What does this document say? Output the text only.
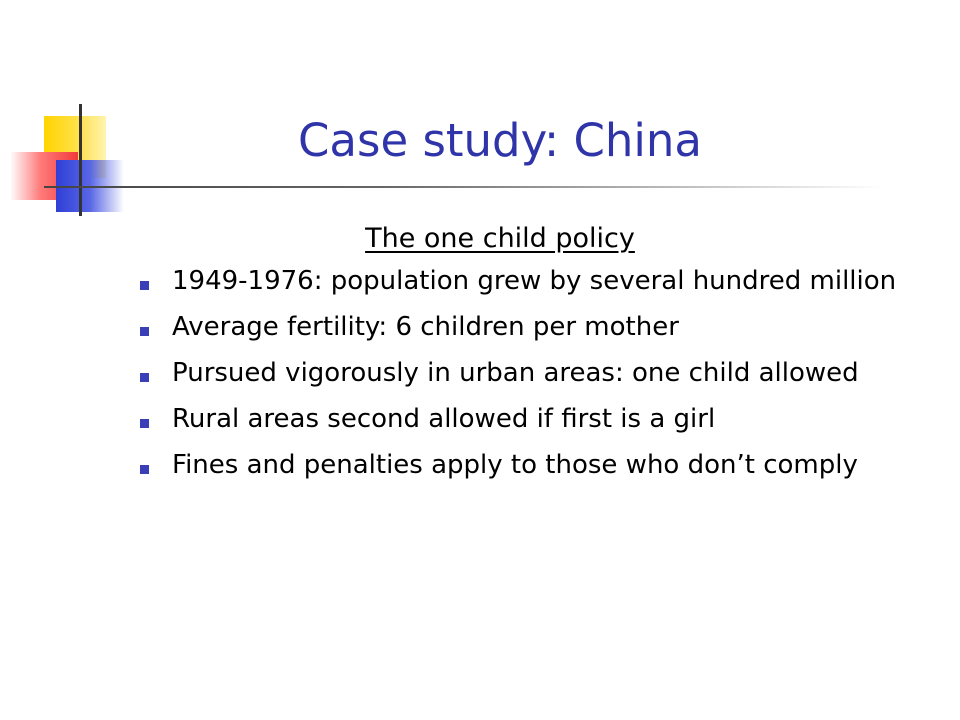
Case study: China
The one child policy
1949-1976: population grew by several hundred million
Average fertility: 6 children per mother
Pursued vigorously in urban areas: one child allowed
Rural areas second allowed if first is a girl
Fines and penalties apply to those who don’t comply
